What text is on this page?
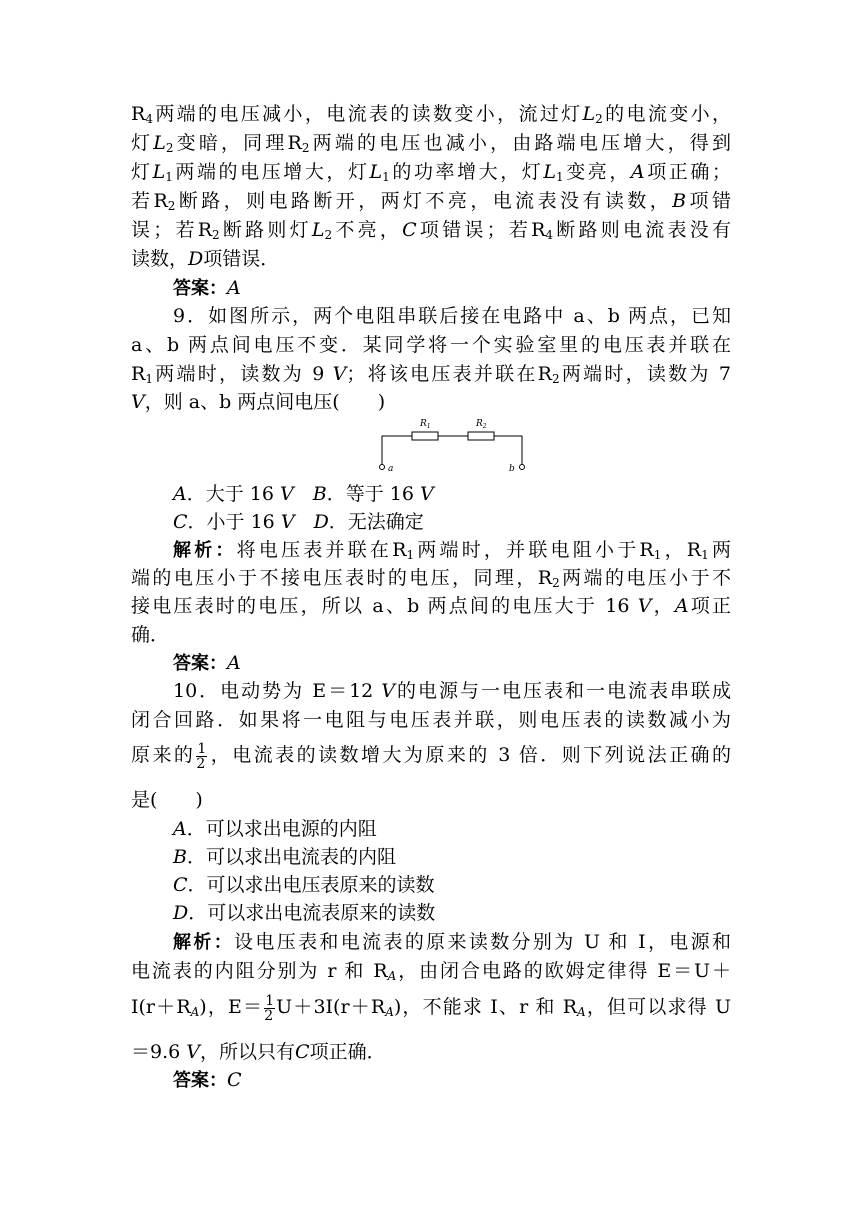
$R_4$两端的电压减小，电流表的读数变小，流过灯$L_2$的电流变小，
灯$L_2$变暗，同理$R_2$两端的电压也减小，由路端电压增大，得到
灯$L_1$两端的电压增大，灯$L_1$的功率增大，灯$L_1$变亮，A项正确；
若$R_2$断路，则电路断开，两灯不亮，电流表没有读数，B项错
误；若$R_2$断路则灯$L_2$不亮，C项错误；若$R_4$断路则电流表没有
读数，D项错误．
答案：A
9．如图所示，两个电阻串联后接在电路中 a、b 两点，已知
a、b 两点间电压不变．某同学将一个实验室里的电压表并联在
$R_1$两端时，读数为 9 V；将该电压表并联在$R_2$两端时，读数为 7
V，则 a、b 两点间电压(　　)
$R_1$	$R_2$
a	b
A．大于 16 V　 B．等于 16 V
C．小于 16 V　 D．无法确定
解析：将电压表并联在$R_1$两端时，并联电阻小于$R_1$，$R_1$两
端的电压小于不接电压表时的电压，同理，$R_2$两端的电压小于不
接电压表时的电压，所以 a、b 两点间的电压大于 16 V，A项正
确．
答案：A
10．电动势为 E＝12 V的电源与一电压表和一电流表串联成
闭合回路．如果将一电阻与电压表并联，则电压表的读数减小为
原来的 $\frac{1}{2}$ ，电流表的读数增大为原来的 3 倍．则下列说法正确的
是(　　)
A．可以求出电源的内阻
B．可以求出电流表的内阻
C．可以求出电压表原来的读数
D．可以求出电流表原来的读数
解析：设电压表和电流表的原来读数分别为 U 和 I，电源和
电流表的内阻分别为 r 和 $R_A$，由闭合电路的欧姆定律得 E＝U＋
$I(r+R_A)$，$E= \frac{1}{2} U+3I(r+R_A)$，不能求 I、r 和 $R_A$，但可以求得 U
＝9.6 V，所以只有C项正确．
答案：C
